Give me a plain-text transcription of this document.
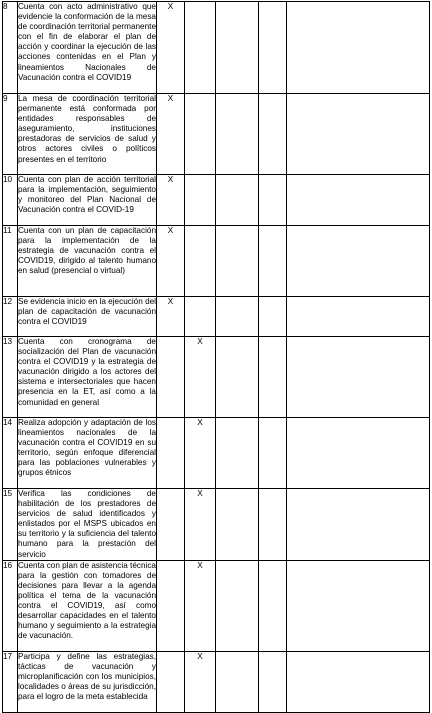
8	Cuenta con acto administrativo que evidencie la conformación de la mesa de coordinación territorial permanente con el fin de elaborar el plan de acción y coordinar la ejecución de las acciones contenidas en el Plan y lineamientos Nacionales de Vacunación contra el COVID19	X				
9	La mesa de coordinación territorial permanente está conformada por entidades responsables de aseguramiento, instituciones prestadoras de servicios de salud y otros actores civiles o políticos presentes en el territorio	X				
10	Cuenta con plan de acción territorial para la implementación, seguimiento y monitoreo del Plan Nacional de Vacunación contra el COVID-19	X				
11	Cuenta con un plan de capacitación para la implementación de la estrategia de vacunación contra el COVID19, dirigido al talento humano en salud (presencial o virtual)	X				
12	Se evidencia inicio en la ejecución del plan de capacitación de vacunación contra el COVID19	X				
13	Cuenta con cronograma de socialización del Plan de vacunación contra el COVID19 y la estrategia de vacunación dirigido a los actores del sistema e intersectoriales que hacen presencia en la ET, así como a la comunidad en general		X			
14	Realiza adopción y adaptación de los lineamientos nacionales de la vacunación contra el COVID19 en su territorio, según enfoque diferencial para las poblaciones vulnerables y grupos étnicos		X			
15	Verifica las condiciones de habilitación de los prestadores de servicios de salud identificados y enlistados por el MSPS ubicados en su territorio y la suficiencia del talento humano para la prestación del servicio		X			
16	Cuenta con plan de asistencia técnica para la gestión con tomadores de decisiones para llevar a la agenda política el tema de la vacunación contra el COVID19, así como desarrollar capacidades en el talento humano y seguimiento a la estrategia de vacunación.		X			
17	Participa y define las estrategias, tácticas de vacunación y microplanificación con los municipios, localidades o áreas de su jurisdicción, para el logro de la meta establecida		X			
